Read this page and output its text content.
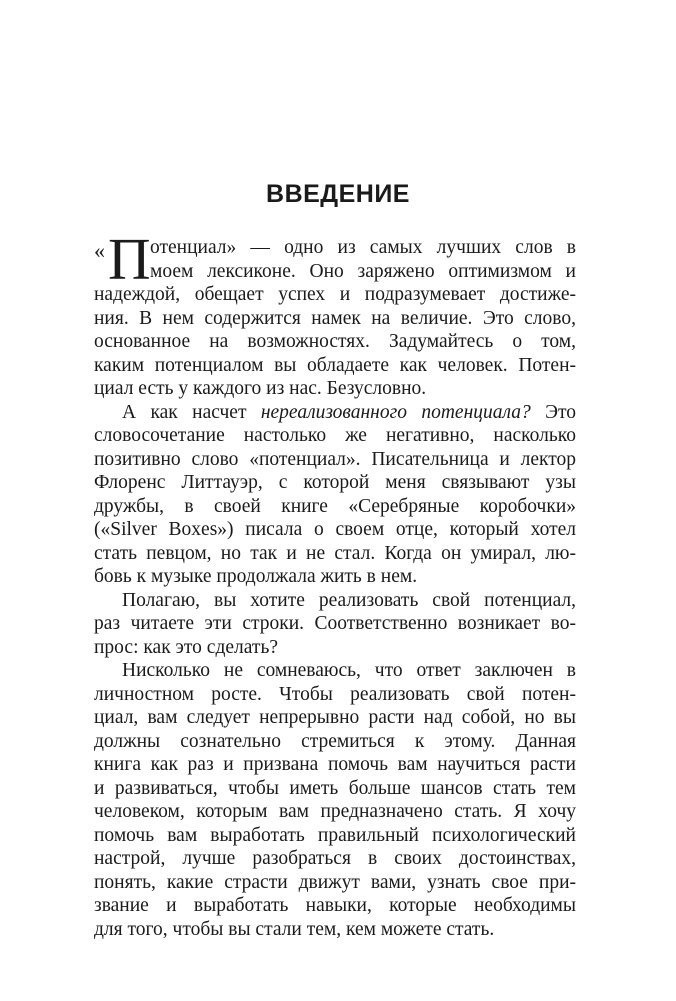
ВВЕДЕНИЕ
« П отенциал» — одно из самых лучших слов в
моем лексиконе. Оно заряжено оптимизмом и
надеждой, обещает успех и подразумевает достиже-
ния. В нем содержится намек на величие. Это слово,
основанное на возможностях. Задумайтесь о том,
каким потенциалом вы обладаете как человек. Потен-
циал есть у каждого из нас. Безусловно.
А как насчет нереализованного потенциала? Это
словосочетание настолько же негативно, насколько
позитивно слово «потенциал». Писательница и лектор
Флоренс Литтауэр, с которой меня связывают узы
дружбы, в своей книге «Серебряные коробочки»
(«Silver Boxes») писала о своем отце, который хотел
стать певцом, но так и не стал. Когда он умирал, лю-
бовь к музыке продолжала жить в нем.
Полагаю, вы хотите реализовать свой потенциал,
раз читаете эти строки. Соответственно возникает во-
прос: как это сделать?
Нисколько не сомневаюсь, что ответ заключен в
личностном росте. Чтобы реализовать свой потен-
циал, вам следует непрерывно расти над собой, но вы
должны сознательно стремиться к этому. Данная
книга как раз и призвана помочь вам научиться расти
и развиваться, чтобы иметь больше шансов стать тем
человеком, которым вам предназначено стать. Я хочу
помочь вам выработать правильный психологический
настрой, лучше разобраться в своих достоинствах,
понять, какие страсти движут вами, узнать свое при-
звание и выработать навыки, которые необходимы
для того, чтобы вы стали тем, кем можете стать.
